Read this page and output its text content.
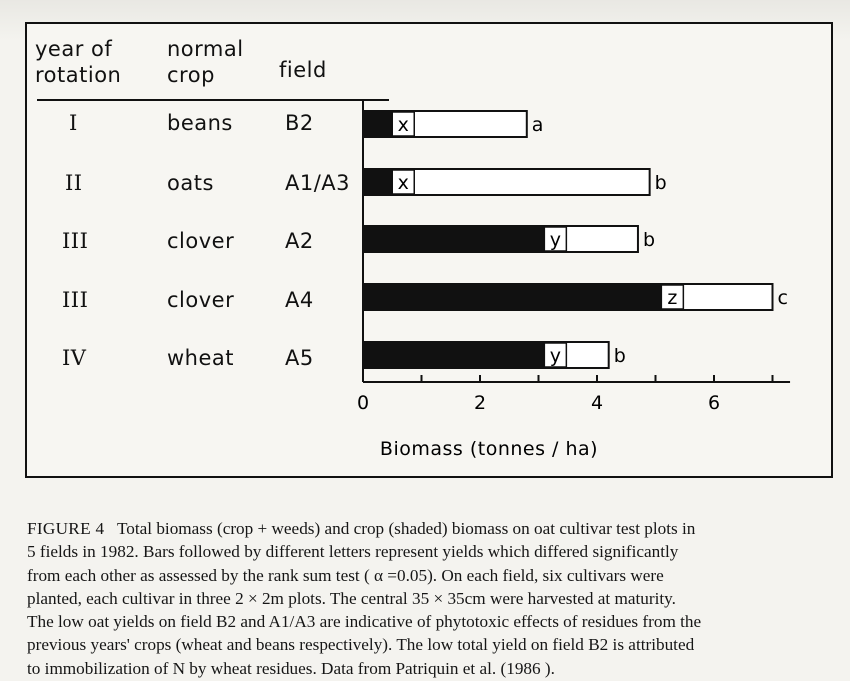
year of
rotation
normal
crop	field
I	beans B2
II	oats	A1/A3
III	clover A2
III	clover A4
IV	wheat A5
0	2	4	6
Biomass (tonnes / ha)
x	a
x	b
y	b
z	c
y	b
FIGURE 4 Total biomass (crop + weeds) and crop (shaded) biomass on oat cultivar test plots in
5 fields in 1982. Bars followed by different letters represent yields which differed significantly
from each other as assessed by the rank sum test ( α =0.05). On each field, six cultivars were
planted, each cultivar in three 2 × 2m plots. The central 35 × 35cm were harvested at maturity.
The low oat yields on field B2 and A1/A3 are indicative of phytotoxic effects of residues from the
previous years' crops (wheat and beans respectively). The low total yield on field B2 is attributed
to immobilization of N by wheat residues. Data from Patriquin et al. (1986 ).
